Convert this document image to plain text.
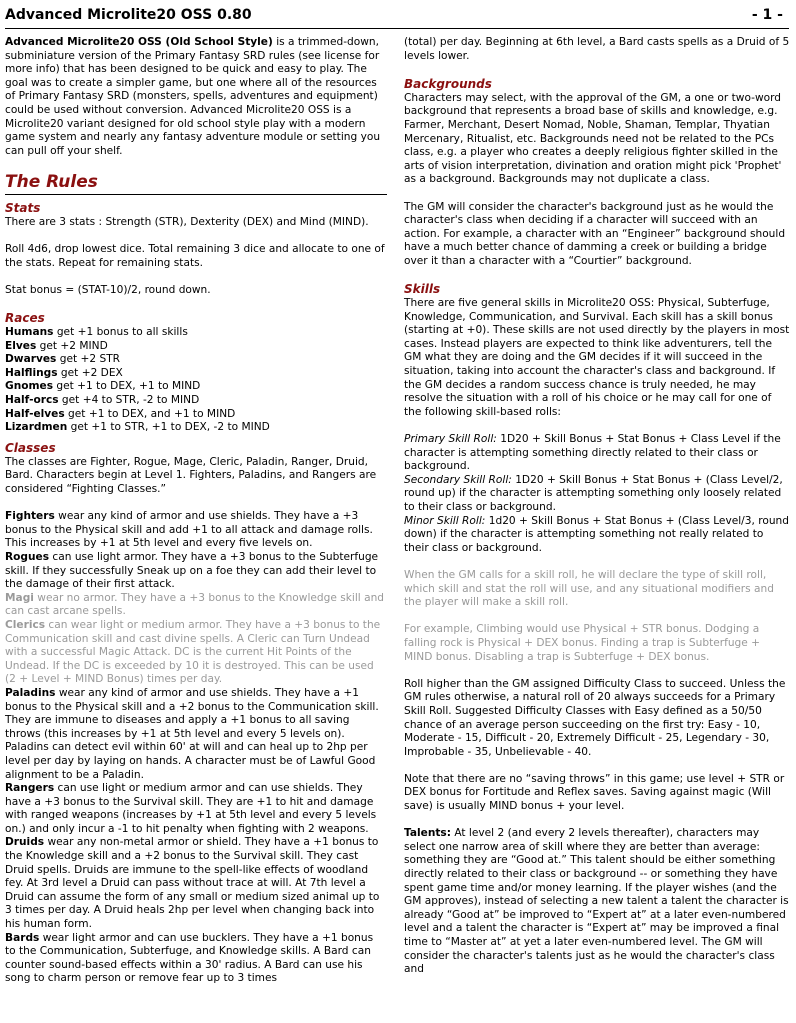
Advanced Microlite20 OSS 0.80	- 1 -

Advanced Microlite20 OSS (Old School Style) is a trimmed-down, subminiature version of the Primary Fantasy SRD rules (see license for more info) that has been designed to be quick and easy to play. The goal was to create a simpler game, but one where all of the resources of Primary Fantasy SRD (monsters, spells, adventures and equipment) could be used without conversion. Advanced Microlite20 OSS is a Microlite20 variant designed for old school style play with a modern game system and nearly any fantasy adventure module or setting you can pull off your shelf.

The Rules
Stats

There are 3 stats : Strength (STR), Dexterity (DEX) and Mind (MIND).

Roll 4d6, drop lowest dice. Total remaining 3 dice and allocate to one of the stats. Repeat for remaining stats.

Stat bonus = (STAT-10)/2, round down.

Races
Humans get +1 bonus to all skills
Elves get +2 MIND
Dwarves get +2 STR
Halflings get +2 DEX
Gnomes get +1 to DEX, +1 to MIND
Half-orcs get +4 to STR, -2 to MIND
Half-elves get +1 to DEX, and +1 to MIND
Lizardmen get +1 to STR, +1 to DEX, -2 to MIND
Classes

The classes are Fighter, Rogue, Mage, Cleric, Paladin, Ranger, Druid, Bard. Characters begin at Level 1. Fighters, Paladins, and Rangers are considered “Fighting Classes.”

Fighters wear any kind of armor and use shields. They have a +3 bonus to the Physical skill and add +1 to all attack and damage rolls. This increases by +1 at 5th level and every five levels on.

Rogues can use light armor. They have a +3 bonus to the Subterfuge skill. If they successfully Sneak up on a foe they can add their level to the damage of their first attack.

Magi wear no armor. They have a +3 bonus to the Knowledge skill and can cast arcane spells.

Clerics can wear light or medium armor. They have a +3 bonus to the Communication skill and cast divine spells. A Cleric can Turn Undead with a successful Magic Attack. DC is the current Hit Points of the Undead. If the DC is exceeded by 10 it is destroyed. This can be used (2 + Level + MIND Bonus) times per day.

Paladins wear any kind of armor and use shields. They have a +1 bonus to the Physical skill and a +2 bonus to the Communication skill. They are immune to diseases and apply a +1 bonus to all saving throws (this increases by +1 at 5th level and every 5 levels on). Paladins can detect evil within 60' at will and can heal up to 2hp per level per day by laying on hands. A character must be of Lawful Good alignment to be a Paladin.

Rangers can use light or medium armor and can use shields. They have a +3 bonus to the Survival skill. They are +1 to hit and damage with ranged weapons (increases by +1 at 5th level and every 5 levels on.) and only incur a -1 to hit penalty when fighting with 2 weapons.

Druids wear any non-metal armor or shield. They have a +1 bonus to the Knowledge skill and a +2 bonus to the Survival skill. They cast Druid spells. Druids are immune to the spell-like effects of woodland fey. At 3rd level a Druid can pass without trace at will. At 7th level a Druid can assume the form of any small or medium sized animal up to 3 times per day. A Druid heals 2hp per level when changing back into his human form.

Bards wear light armor and can use bucklers. They have a +1 bonus to the Communication, Subterfuge, and Knowledge skills. A Bard can counter sound-based effects within a 30' radius. A Bard can use his song to charm person or remove fear up to 3 times

(total) per day. Beginning at 6th level, a Bard casts spells as a Druid of 5 levels lower.

Backgrounds

Characters may select, with the approval of the GM, a one or two-word background that represents a broad base of skills and knowledge, e.g. Farmer, Merchant, Desert Nomad, Noble, Shaman, Templar, Thyatian Mercenary, Ritualist, etc. Backgrounds need not be related to the PCs class, e.g. a player who creates a deeply religious fighter skilled in the arts of vision interpretation, divination and oration might pick 'Prophet' as a background. Backgrounds may not duplicate a class.

The GM will consider the character's background just as he would the character's class when deciding if a character will succeed with an action. For example, a character with an “Engineer” background should have a much better chance of damming a creek or building a bridge over it than a character with a “Courtier” background.

Skills

There are five general skills in Microlite20 OSS: Physical, Subterfuge, Knowledge, Communication, and Survival. Each skill has a skill bonus (starting at +0). These skills are not used directly by the players in most cases. Instead players are expected to think like adventurers, tell the GM what they are doing and the GM decides if it will succeed in the situation, taking into account the character's class and background. If the GM decides a random success chance is truly needed, he may resolve the situation with a roll of his choice or he may call for one of the following skill-based rolls:

Primary Skill Roll: 1D20 + Skill Bonus + Stat Bonus + Class Level if the character is attempting something directly related to their class or background.

Secondary Skill Roll: 1D20 + Skill Bonus + Stat Bonus + (Class Level/2, round up) if the character is attempting something only loosely related to their class or background.

Minor Skill Roll: 1d20 + Skill Bonus + Stat Bonus + (Class Level/3, round down) if the character is attempting something not really related to their class or background.

When the GM calls for a skill roll, he will declare the type of skill roll, which skill and stat the roll will use, and any situational modifiers and the player will make a skill roll.

For example, Climbing would use Physical + STR bonus. Dodging a falling rock is Physical + DEX bonus. Finding a trap is Subterfuge + MIND bonus. Disabling a trap is Subterfuge + DEX bonus.

Roll higher than the GM assigned Difficulty Class to succeed. Unless the GM rules otherwise, a natural roll of 20 always succeeds for a Primary Skill Roll. Suggested Difficulty Classes with Easy defined as a 50/50 chance of an average person succeeding on the first try: Easy - 10, Moderate - 15, Difficult - 20, Extremely Difficult - 25, Legendary - 30, Improbable - 35, Unbelievable - 40.

Note that there are no “saving throws” in this game; use level + STR or DEX bonus for Fortitude and Reflex saves. Saving against magic (Will save) is usually MIND bonus + your level.

Talents: At level 2 (and every 2 levels thereafter), characters may select one narrow area of skill where they are better than average: something they are “Good at.” This talent should be either something directly related to their class or background -- or something they have spent game time and/or money learning. If the player wishes (and the GM approves), instead of selecting a new talent a talent the character is already “Good at” be improved to “Expert at” at a later even-numbered level and a talent the character is “Expert at” may be improved a final time to “Master at” at yet a later even-numbered level. The GM will consider the character's talents just as he would the character's class and
